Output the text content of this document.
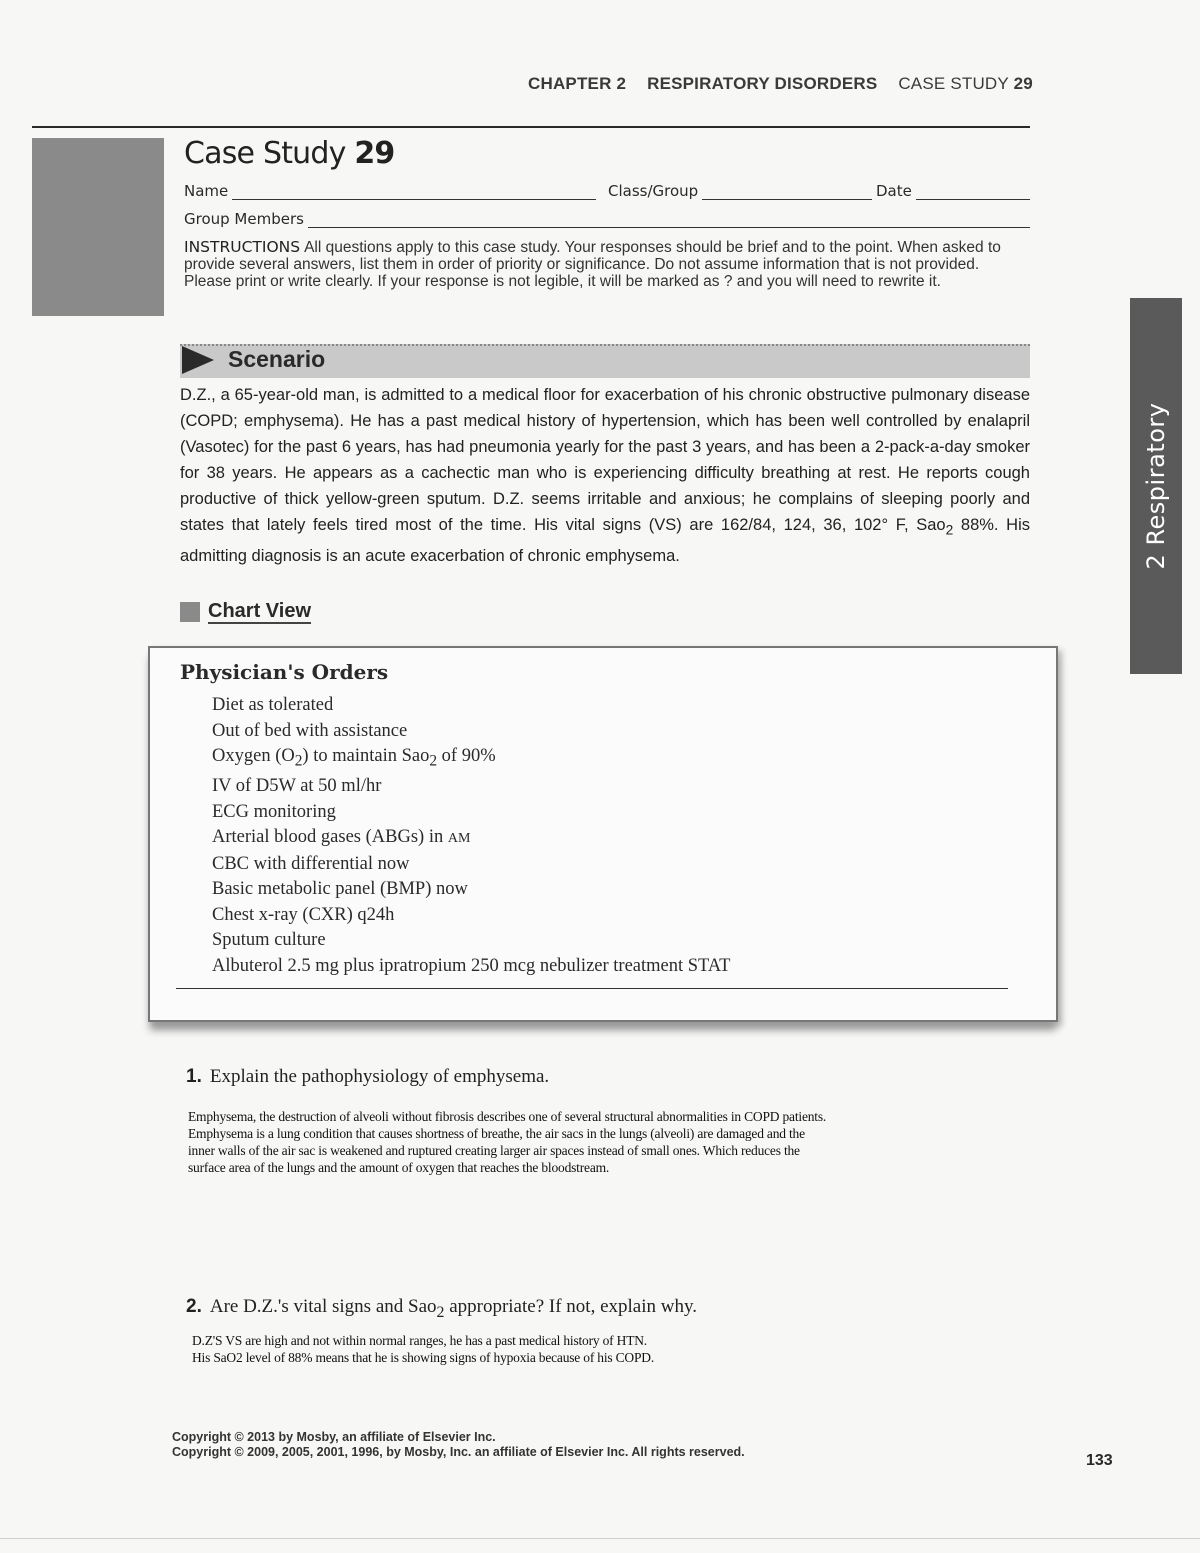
CHAPTER 2 RESPIRATORY DISORDERS CASE STUDY 29
Case Study 29
Name	Class/Group	Date
Group Members
INSTRUCTIONS All questions apply to this case study. Your responses should be brief and to the point. When asked to provide several answers, list them in order of priority or significance. Do not assume information that is not provided. Please print or write clearly. If your response is not legible, it will be marked as ? and you will need to rewrite it.
Scenario
D.Z., a 65-year-old man, is admitted to a medical floor for exacerbation of his chronic obstructive pulmonary disease (COPD; emphysema). He has a past medical history of hypertension, which has been well controlled by enalapril (Vasotec) for the past 6 years, has had pneumonia yearly for the past 3 years, and has been a 2-pack-a-day smoker for 38 years. He appears as a cachectic man who is experiencing difficulty breathing at rest. He reports cough productive of thick yellow-green sputum. D.Z. seems irritable and anxious; he complains of sleeping poorly and states that lately feels tired most of the time. His vital signs (VS) are 162/84, 124, 36, 102° F, Sao$_2$ 88%. His admitting diagnosis is an acute exacerbation of chronic emphysema.
Chart View
Physician's Orders
Diet as tolerated
Out of bed with assistance
Oxygen $(O_2)$ to maintain Sao$_2$ of 90%
IV of D5W at 50 ml/hr
ECG monitoring
Arterial blood gases (ABGs) in AM
CBC with differential now
Basic metabolic panel (BMP) now
Chest x-ray (CXR) q24h
Sputum culture
Albuterol 2.5 mg plus ipratropium 250 mcg nebulizer treatment STAT
2 Respiratory
1. Explain the pathophysiology of emphysema.
Emphysema, the destruction of alveoli without fibrosis describes one of several structural abnormalities in COPD patients. Emphysema is a lung condition that causes shortness of breathe, the air sacs in the lungs (alveoli) are damaged and the inner walls of the air sac is weakened and ruptured creating larger air spaces instead of small ones. Which reduces the surface area of the lungs and the amount of oxygen that reaches the bloodstream.
2. Are D.Z.'s vital signs and Sao$_2$ appropriate? If not, explain why.
D.Z'S VS are high and not within normal ranges, he has a past medical history of HTN.
His SaO2 level of 88% means that he is showing signs of hypoxia because of his COPD.
Copyright © 2013 by Mosby, an affiliate of Elsevier Inc.
Copyright © 2009, 2005, 2001, 1996, by Mosby, Inc. an affiliate of Elsevier Inc. All rights reserved.	133
